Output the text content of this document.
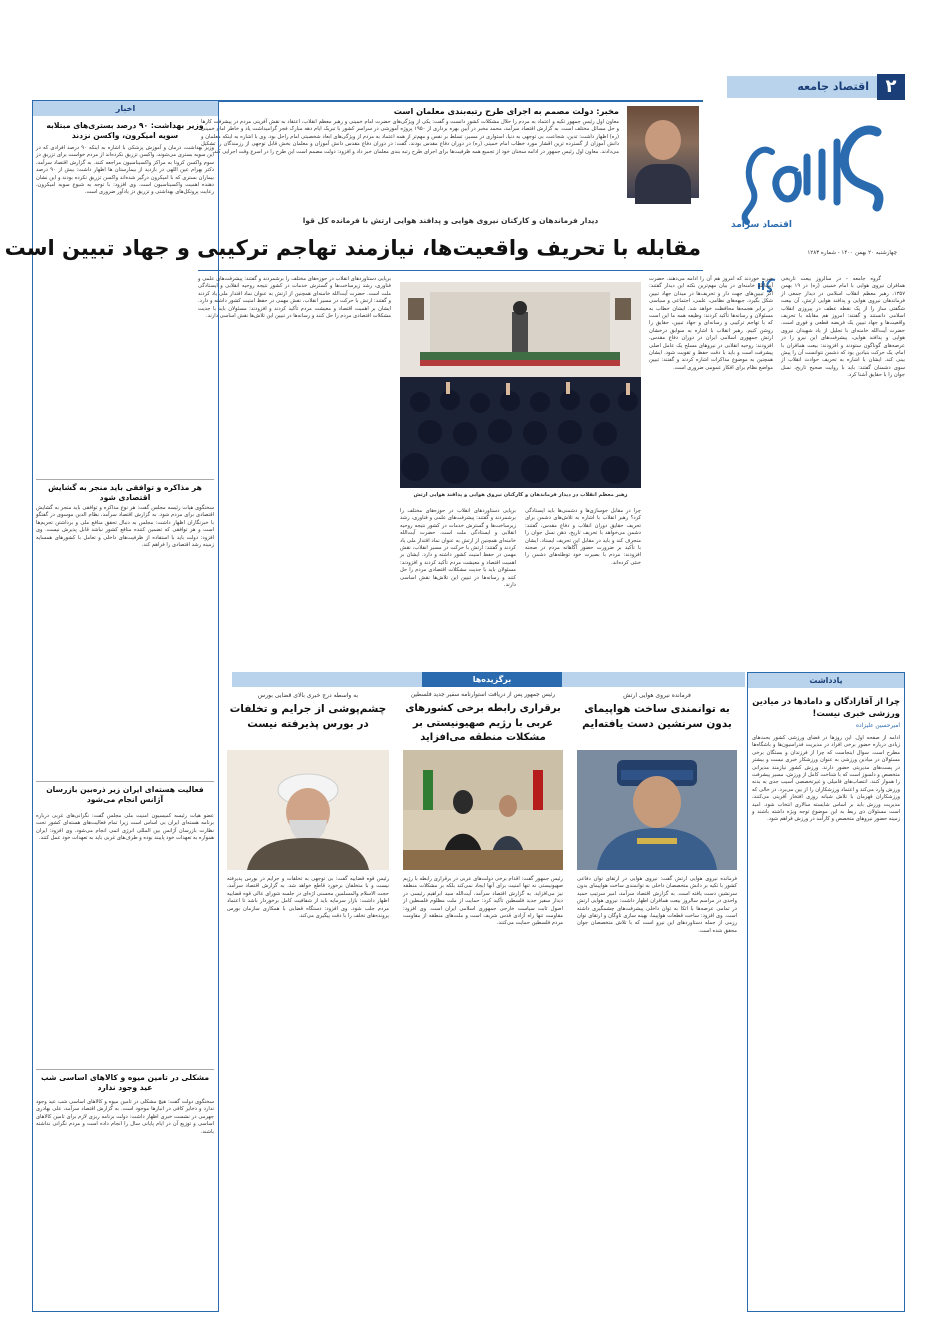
۲
اقتصاد جامعه
اقتصاد سرآمد
چهارشنبه ۲۰ بهمن ۱۴۰۰ - شماره ۱۲۸۳
مخبر: دولت مصمم به اجرای طرح رتبه‌بندی معلمان است
معاون اول رئیس جمهور تکیه و اعتماد به مردم را حلال مشکلات کشور دانست و گفت: یکی از ویژگی‌های حضرت امام خمینی و رهبر معظم انقلاب، اعتقاد به نقش آفرینی مردم در پیشرفت کارها و حل مسائل مختلف است. به گزارش اقتصاد سرآمد، محمد مخبر در آیین بهره برداری از ۱۹۵۰ پروژه آموزشی در سراسر کشور با تبریک ایام دهه مبارک فجر گرامیداشت یاد و خاطر امام خمینی (ره) اظهار داشت: تدین، شجاعت، بی توجهی به دنیا، استواری در مسیر، تسلط بر نفس و مهم‌تر از همه اعتماد به مردم از ویژگی‌های ابعاد شخصیتی امام راحل بود. وی با اشاره به اینکه معلمان و دانش آموزان از گسترده ترین اقشار مورد خطاب امام خمینی (ره) در دوران دفاع مقدس بودند، گفت: در دوران دفاع مقدس دانش آموزان و معلمان بخش قابل توجهی از رزمندگان را تشکیل می‌دادند. معاون اول رئیس جمهور در ادامه سخنان خود از تجمیع همه ظرفیت‌ها برای اجرای طرح رتبه بندی معلمان خبر داد و افزود: دولت مصمم است این طرح را در اسرع وقت اجرایی کند.
اخبار
وزیر بهداشت: ۹۰ درصد بستری‌های مبتلابه سویه امیکرون، واکسن نزدند
وزیر بهداشت، درمان و آموزش پزشکی با اشاره به اینکه ۹۰ درصد افرادی که در این سویه بستری می‌شوند، واکسن تزریق نکرده‌اند از مردم خواست برای تزریق دز سوم واکسن کرونا به مراکز واکسیناسیون مراجعه کنند. به گزارش اقتصاد سرآمد، دکتر بهرام عین اللهی در بازدید از بیمارستان ها اظهار داشت: بیش از ۹۰ درصد بیماران بستری که با امیکرون درگیر شده‌اند واکسن تزریق نکرده بودند و این نشان دهنده اهمیت واکسیناسیون است. وی افزود: با توجه به شیوع سویه امیکرون، رعایت پروتکل‌های بهداشتی و تزریق دز یادآور ضروری است.
هر مذاکره و توافقی باید منجر به گشایش اقتصادی شود
سخنگوی هیات رئیسه مجلس گفت: هر نوع مذاکره و توافقی باید منجر به گشایش اقتصادی برای مردم شود. به گزارش اقتصاد سرآمد، نظام الدین موسوی در گفتگو با خبرنگاران اظهار داشت: مجلس به دنبال تحقق منافع ملی و برداشتن تحریم‌ها است و هر توافقی که تضمین کننده منافع کشور نباشد قابل پذیرش نیست. وی افزود: دولت باید با استفاده از ظرفیت‌های داخلی و تعامل با کشورهای همسایه زمینه رشد اقتصادی را فراهم کند.
فعالیت هسته‌ای ایران زیر ذره‌بین بازرسان آژانس انجام می‌شود
عضو هیات رئیسه کمیسیون امنیت ملی مجلس گفت: نگرانی‌های غربی درباره برنامه هسته‌ای ایران بی اساس است زیرا تمام فعالیت‌های هسته‌ای کشور تحت نظارت بازرسان آژانس بین المللی انرژی اتمی انجام می‌شود. وی افزود: ایران همواره به تعهدات خود پایبند بوده و طرف‌های غربی باید به تعهدات خود عمل کنند.
مشکلی در تامین میوه و کالاهای اساسی شب عید وجود ندارد
سخنگوی دولت گفت: هیچ مشکلی در تامین میوه و کالاهای اساسی شب عید وجود ندارد و ذخایر کافی در انبارها موجود است. به گزارش اقتصاد سرآمد، علی بهادری جهرمی در نشست خبری اظهار داشت: دولت برنامه ریزی لازم برای تامین کالاهای اساسی و توزیع آن در ایام پایانی سال را انجام داده است و مردم نگرانی نداشته باشند.
دیدار فرماندهان و کارکنان نیروی هوایی و پدافند هوایی ارتش با فرمانده کل قوا
مقابله با تحریف واقعیت‌ها، نیازمند تهاجم ترکیبی و جهاد تبیین است
گروه جامعه - در سالروز بیعت تاریخی همافران نیروی هوایی با امام خمینی (ره) در ۱۹ بهمن ۱۳۵۷، رهبر معظم انقلاب اسلامی در دیدار جمعی از فرماندهان نیروی هوایی و پدافند هوایی ارتش، آن بیعت شگفتی ساز را از یک نقطه عطف در پیروزی انقلاب اسلامی دانستند و گفتند: امروز هم مقابله با تحریف واقعیت‌ها و جهاد تبیین یک فریضه قطعی و فوری است. حضرت آیت‌الله خامنه‌ای با تجلیل از یاد شهیدان نیروی هوایی و پدافند هوایی، پیشرفت‌های این نیرو را در عرصه‌های گوناگون ستودند و افزودند: بیعت همافران با امام، یک حرکت بنیادین بود که دشمن نتوانست آن را پیش بینی کند. ایشان با اشاره به تحریف حوادث انقلاب از سوی دشمنان گفتند: باید با روایت صحیح تاریخ، نسل جوان را با حقایق آشنا کرد.
ضربه خوردند که امروز هم آن را ادامه می‌دهند. حضرت آیت‌الله خامنه‌ای در بیان مهم‌ترین نکته این دیدار گفتند: اگر تبیین‌های جهت دار و تحریف‌ها در میدان جهاد تبیین شکل بگیرد، جبهه‌های نظامی، علمی، اجتماعی و سیاسی در برابر هجمه‌ها محافظت خواهد شد. ایشان خطاب به مسئولان و رسانه‌ها تأکید کردند: وظیفه همه ما این است که با تهاجم ترکیبی و رسانه‌ای و جهاد تبیین، حقایق را روشن کنیم. رهبر انقلاب با اشاره به سوابق درخشان ارتش جمهوری اسلامی ایران در دوران دفاع مقدس، افزودند: روحیه انقلابی در نیروهای مسلح یک عامل اصلی پیشرفت است و باید با دقت حفظ و تقویت شود. ایشان همچنین به موضوع مذاکرات اشاره کردند و گفتند: تبیین مواضع نظام برای افکار عمومی ضروری است.
رهبر معظم انقلاب در دیدار فرماندهان و کارکنان نیروی هوایی و پدافند هوایی ارتش
چرا در مقابل جوسازی‌ها و دشمنی‌ها باید ایستادگی کرد؟ رهبر انقلاب با اشاره به تلاش‌های دشمن برای تحریف حقایق دوران انقلاب و دفاع مقدس، گفتند: دشمن می‌خواهد با تحریف تاریخ، ذهن نسل جوان را منحرف کند و باید در مقابل این تحریف ایستاد. ایشان با تأکید بر ضرورت حضور آگاهانه مردم در صحنه افزودند: مردم با بصیرت خود توطئه‌های دشمن را خنثی کرده‌اند.
برپایی دستاوردهای انقلاب در حوزه‌های مختلف را برشمردند و گفتند: پیشرفت‌های علمی و فناوری، رشد زیرساخت‌ها و گسترش خدمات در کشور نتیجه روحیه انقلابی و ایستادگی ملت است. حضرت آیت‌الله خامنه‌ای همچنین از ارتش به عنوان نماد اقتدار ملی یاد کردند و گفتند: ارتش با حرکت در مسیر انقلاب، نقش مهمی در حفظ امنیت کشور داشته و دارد. ایشان بر اهمیت اقتصاد و معیشت مردم تأکید کردند و افزودند: مسئولان باید با جدیت مشکلات اقتصادی مردم را حل کنند و رسانه‌ها در تبیین این تلاش‌ها نقش اساسی دارند.
برپایی دستاوردهای انقلاب در حوزه‌های مختلف را برشمردند و گفتند: پیشرفت‌های علمی و فناوری، رشد زیرساخت‌ها و گسترش خدمات در کشور نتیجه روحیه انقلابی و ایستادگی ملت است. حضرت آیت‌الله خامنه‌ای همچنین از ارتش به عنوان نماد اقتدار ملی یاد کردند و گفتند: ارتش با حرکت در مسیر انقلاب، نقش مهمی در حفظ امنیت کشور داشته و دارد. ایشان بر اهمیت اقتصاد و معیشت مردم تأکید کردند و افزودند: مسئولان باید با جدیت مشکلات اقتصادی مردم را حل کنند و رسانه‌ها در تبیین این تلاش‌ها نقش اساسی دارند.
برگزیده‌ها
فرمانده نیروی هوایی ارتش
به توانمندی ساخت هواپیمای بدون سرنشین دست یافته‌ایم
فرمانده نیروی هوایی ارتش گفت: نیروی هوایی در ارتقای توان دفاعی کشور با تکیه بر دانش متخصصان داخلی به توانمندی ساخت هواپیمای بدون سرنشین دست یافته است. به گزارش اقتصاد سرآمد، امیر سرتیپ حمید واحدی در مراسم سالروز بیعت همافران اظهار داشت: نیروی هوایی ارتش در تمامی عرصه‌ها با اتکا به توان داخلی پیشرفت‌های چشمگیری داشته است. وی افزود: ساخت قطعات هواپیما، بهینه سازی ناوگان و ارتقای توان رزمی از جمله دستاوردهای این نیرو است که با تلاش متخصصان جوان محقق شده است.
رئیس جمهور پس از دریافت استوارنامه سفیر جدید فلسطین
برقراری رابطه برخی کشورهای عربی با رژیم صهیونیستی بر مشکلات منطقه می‌افزاید
رئیس جمهور گفت: اقدام برخی دولت‌های عربی در برقراری رابطه با رژیم صهیونیستی نه تنها امنیت برای آنها ایجاد نمی‌کند بلکه بر مشکلات منطقه نیز می‌افزاید. به گزارش اقتصاد سرآمد، آیت‌الله سید ابراهیم رئیسی در دیدار سفیر جدید فلسطین تأکید کرد: حمایت از ملت مظلوم فلسطین از اصول ثابت سیاست خارجی جمهوری اسلامی ایران است. وی افزود: مقاومت تنها راه آزادی قدس شریف است و ملت‌های منطقه از مقاومت مردم فلسطین حمایت می‌کنند.
به واسطه درج خبری بالای قضایی بورس
چشم‌پوشی از جرایم و تخلفات در بورس پذیرفته نیست
رئیس قوه قضاییه گفت: بی توجهی به تخلفات و جرایم در بورس پذیرفته نیست و با متخلفان برخورد قاطع خواهد شد. به گزارش اقتصاد سرآمد، حجت الاسلام والمسلمین محسنی اژه‌ای در جلسه شورای عالی قوه قضاییه اظهار داشت: بازار سرمایه باید از شفافیت کامل برخوردار باشد تا اعتماد مردم جلب شود. وی افزود: دستگاه قضایی با همکاری سازمان بورس پرونده‌های تخلف را با دقت پیگیری می‌کند.
یادداشت
چرا از آقازادگان و دامادها در میادین ورزشی خبری نیست!
امیرحسین علیزاده
ادامه از صفحه اول. این روزها در فضای ورزشی کشور بحث‌های زیادی درباره حضور برخی افراد در مدیریت فدراسیون‌ها و باشگاه‌ها مطرح است. سوال اینجاست که چرا از فرزندان و بستگان برخی مسئولان در میادین ورزشی به عنوان ورزشکار خبری نیست و بیشتر در پست‌های مدیریتی حضور دارند. ورزش کشور نیازمند مدیرانی متخصص و دلسوز است که با شناخت کامل از ورزش، مسیر پیشرفت را هموار کنند. انتصاب‌های فامیلی و غیرتخصصی آسیب جدی به بدنه ورزش وارد می‌کند و اعتماد ورزشکاران را از بین می‌برد. در حالی که ورزشکاران قهرمان با تلاش شبانه روزی افتخار آفرینی می‌کنند، مدیریت ورزش باید بر اساس شایسته سالاری انتخاب شود. امید است مسئولان ذی ربط به این موضوع توجه ویژه داشته باشند و زمینه حضور نیروهای متخصص و کارآمد در ورزش فراهم شود.
